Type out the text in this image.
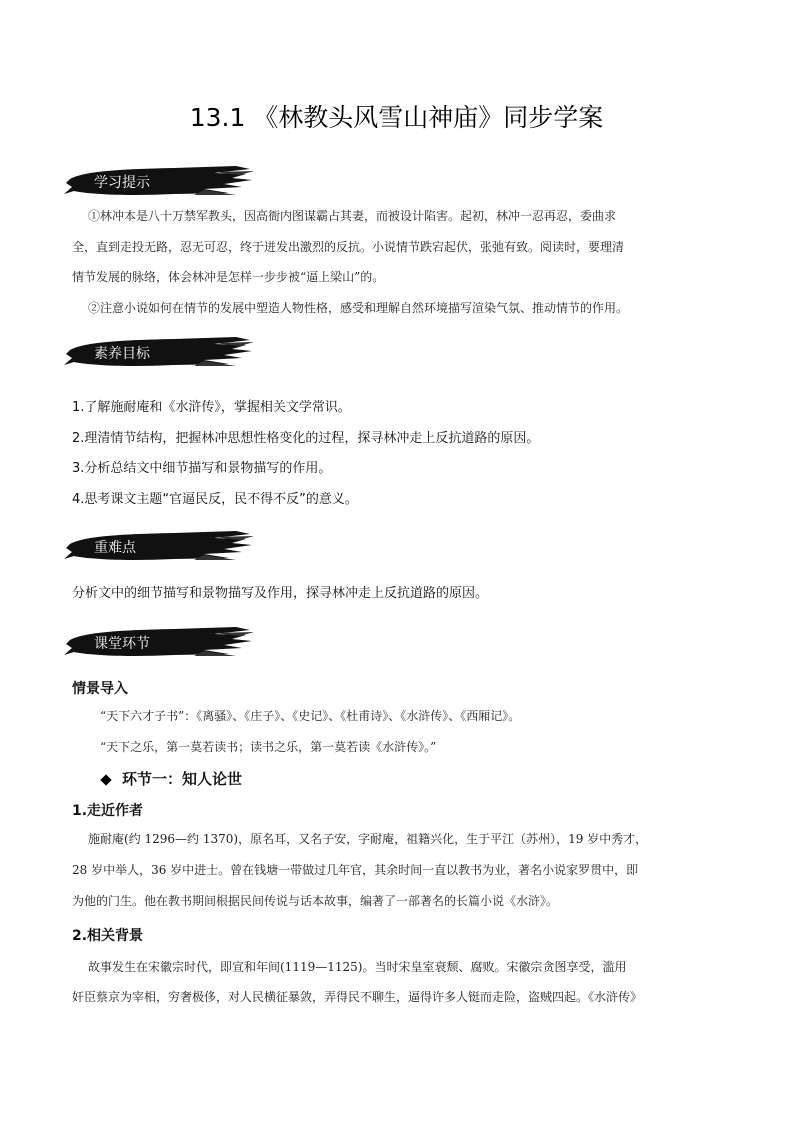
13.1 《林教头风雪山神庙》同步学案
学习提示
①林冲本是八十万禁军教头，因高衙内图谋霸占其妻，而被设计陷害。起初，林冲一忍再忍，委曲求
全，直到走投无路，忍无可忍，终于迸发出激烈的反抗。小说情节跌宕起伏，张弛有致。阅读时，要理清
情节发展的脉络，体会林冲是怎样一步步被“逼上梁山”的。
②注意小说如何在情节的发展中塑造人物性格，感受和理解自然环境描写渲染气氛、推动情节的作用。
素养目标
1.了解施耐庵和《水浒传》，掌握相关文学常识。
2.理清情节结构，把握林冲思想性格变化的过程，探寻林冲走上反抗道路的原因。
3.分析总结文中细节描写和景物描写的作用。
4.思考课文主题“官逼民反，民不得不反”的意义。
重难点
分析文中的细节描写和景物描写及作用，探寻林冲走上反抗道路的原因。
课堂环节
情景导入
“天下六才子书”：《离骚》、《庄子》、《史记》、《杜甫诗》、《水浒传》、《西厢记》。
“天下之乐，第一莫若读书；读书之乐，第一莫若读《水浒传》。”
环节一：知人论世
1.走近作者
施耐庵(约 1296—约 1370)，原名耳，又名子安，字耐庵，祖籍兴化，生于平江（苏州），19 岁中秀才，
28 岁中举人，36 岁中进士。曾在钱塘一带做过几年官，其余时间一直以教书为业，著名小说家罗贯中，即
为他的门生。他在教书期间根据民间传说与话本故事，编著了一部著名的长篇小说《水浒》。
2.相关背景
故事发生在宋徽宗时代，即宣和年间(1119—1125)。当时宋皇室衰颓、腐败。宋徽宗贪图享受，滥用
奸臣蔡京为宰相，穷奢极侈，对人民横征暴敛，弄得民不聊生，逼得许多人铤而走险，盗贼四起。《水浒传》
